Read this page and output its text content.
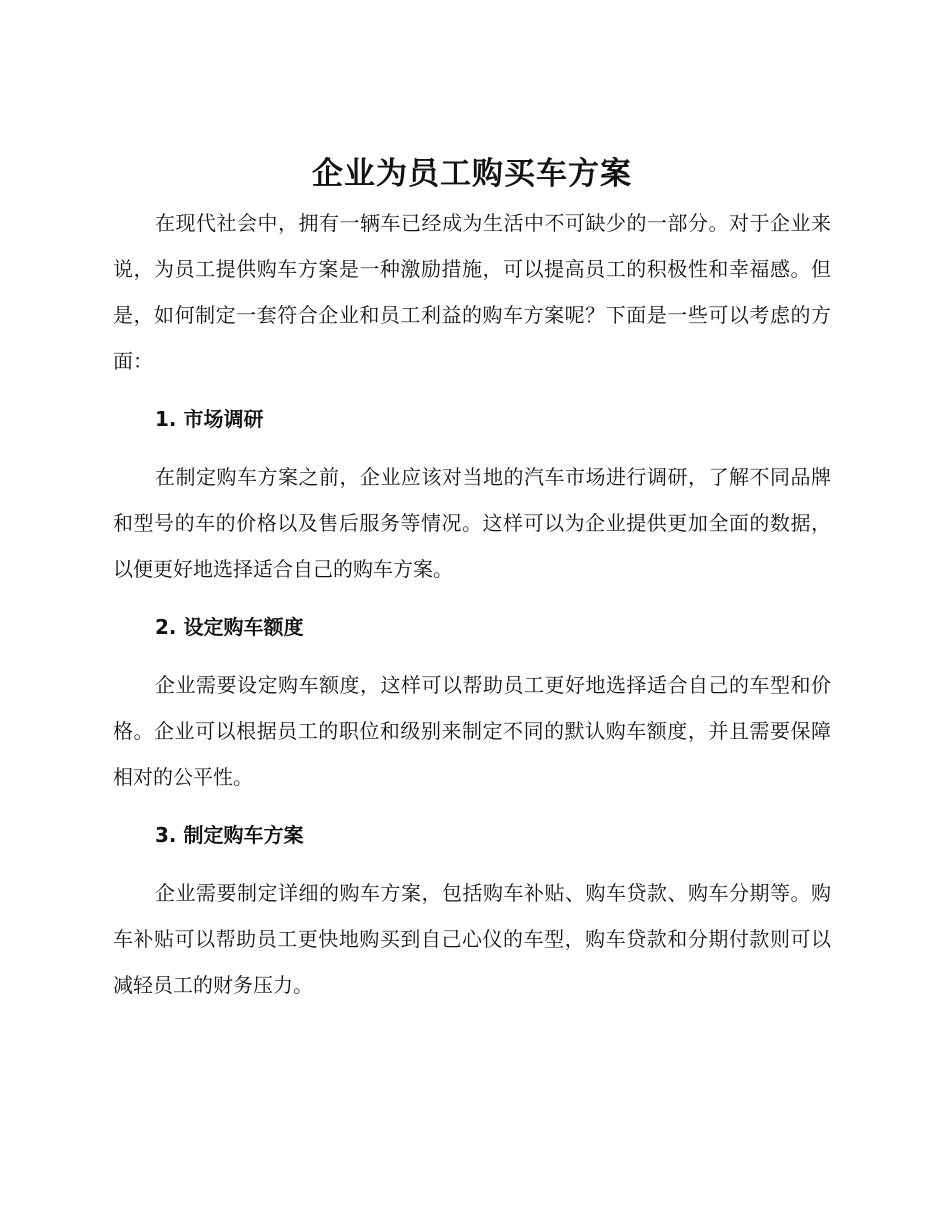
企业为员工购买车方案

在现代社会中，拥有一辆车已经成为生活中不可缺少的一部分。对于企业来说，为员工提供购车方案是一种激励措施，可以提高员工的积极性和幸福感。但是，如何制定一套符合企业和员工利益的购车方案呢？下面是一些可以考虑的方面：

1. 市场调研

在制定购车方案之前，企业应该对当地的汽车市场进行调研，了解不同品牌和型号的车的价格以及售后服务等情况。这样可以为企业提供更加全面的数据，以便更好地选择适合自己的购车方案。

2. 设定购车额度

企业需要设定购车额度，这样可以帮助员工更好地选择适合自己的车型和价格。企业可以根据员工的职位和级别来制定不同的默认购车额度，并且需要保障相对的公平性。

3. 制定购车方案

企业需要制定详细的购车方案，包括购车补贴、购车贷款、购车分期等。购车补贴可以帮助员工更快地购买到自己心仪的车型，购车贷款和分期付款则可以减轻员工的财务压力。
